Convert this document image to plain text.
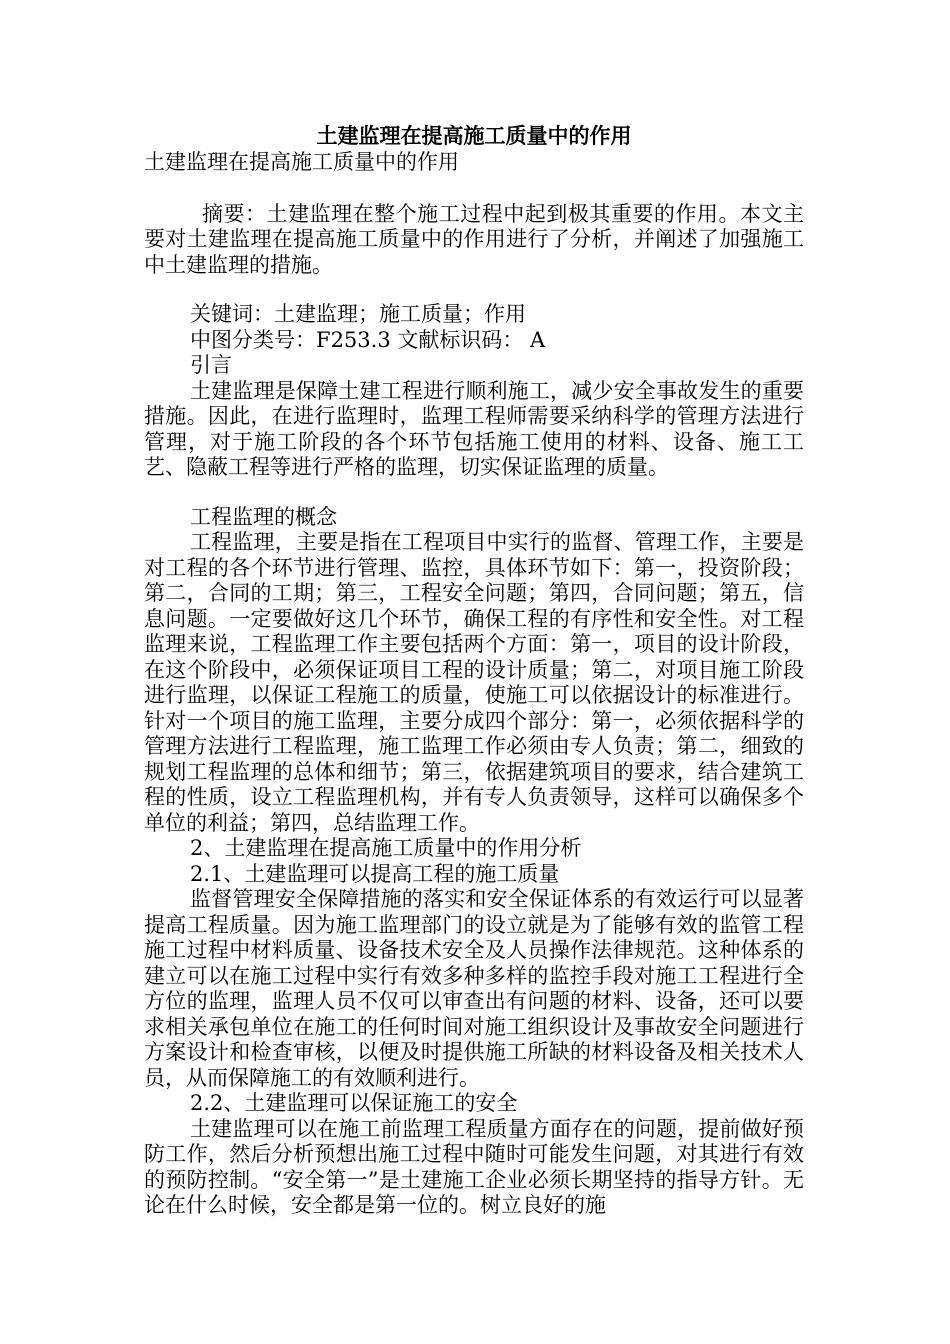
土建监理在提高施工质量中的作用

土建监理在提高施工质量中的作用

摘要：土建监理在整个施工过程中起到极其重要的作用。本文主要对土建监理在提高施工质量中的作用进行了分析，并阐述了加强施工中土建监理的措施。

关键词：土建监理；施工质量；作用

中图分类号：F253.3 文献标识码： A

引言

土建监理是保障土建工程进行顺利施工，减少安全事故发生的重要措施。因此，在进行监理时，监理工程师需要采纳科学的管理方法进行管理，对于施工阶段的各个环节包括施工使用的材料、设备、施工工艺、隐蔽工程等进行严格的监理，切实保证监理的质量。

工程监理的概念

工程监理，主要是指在工程项目中实行的监督、管理工作，主要是对工程的各个环节进行管理、监控，具体环节如下：第一，投资阶段；第二，合同的工期；第三，工程安全问题；第四，合同问题；第五，信息问题。一定要做好这几个环节，确保工程的有序性和安全性。对工程监理来说，工程监理工作主要包括两个方面：第一，项目的设计阶段，在这个阶段中，必须保证项目工程的设计质量；第二，对项目施工阶段进行监理，以保证工程施工的质量，使施工可以依据设计的标准进行。针对一个项目的施工监理，主要分成四个部分：第一，必须依据科学的管理方法进行工程监理，施工监理工作必须由专人负责；第二，细致的规划工程监理的总体和细节；第三，依据建筑项目的要求，结合建筑工程的性质，设立工程监理机构，并有专人负责领导，这样可以确保多个单位的利益；第四，总结监理工作。

2、土建监理在提高施工质量中的作用分析

2.1、土建监理可以提高工程的施工质量

监督管理安全保障措施的落实和安全保证体系的有效运行可以显著提高工程质量。因为施工监理部门的设立就是为了能够有效的监管工程施工过程中材料质量、设备技术安全及人员操作法律规范。这种体系的建立可以在施工过程中实行有效多种多样的监控手段对施工工程进行全方位的监理，监理人员不仅可以审查出有问题的材料、设备，还可以要求相关承包单位在施工的任何时间对施工组织设计及事故安全问题进行方案设计和检查审核，以便及时提供施工所缺的材料设备及相关技术人员，从而保障施工的有效顺利进行。

2.2、土建监理可以保证施工的安全

土建监理可以在施工前监理工程质量方面存在的问题，提前做好预防工作，然后分析预想出施工过程中随时可能发生问题，对其进行有效的预防控制。“安全第一”是土建施工企业必须长期坚持的指导方针。无论在什么时候，安全都是第一位的。树立良好的施
